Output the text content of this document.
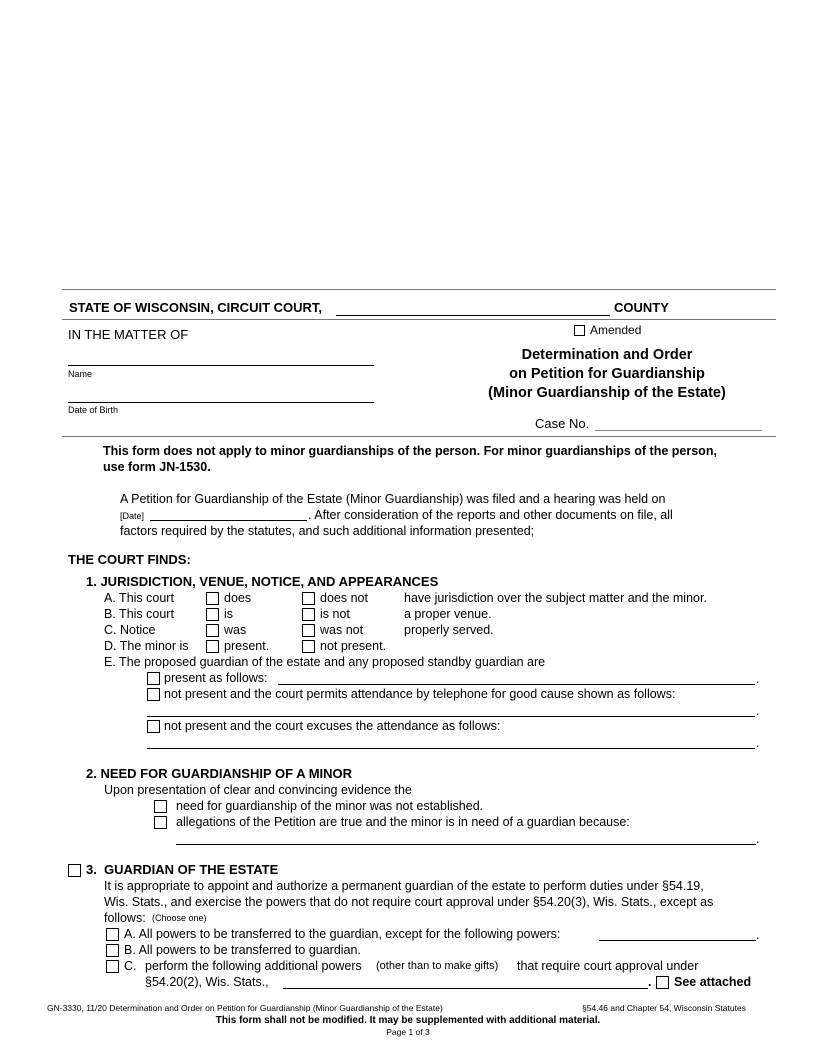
STATE OF WISCONSIN, CIRCUIT COURT,	COUNTY
IN THE MATTER OF	Amended
Name
Date of Birth
Determination and Order
on Petition for Guardianship
(Minor Guardianship of the Estate)
Case No.
This form does not apply to minor guardianships of the person. For minor guardianships of the person,
use form JN-1530.
A Petition for Guardianship of the Estate (Minor Guardianship) was filed and a hearing was held on
[Date]	. After consideration of the reports and other documents on file, all
factors required by the statutes, and such additional information presented;
THE COURT FINDS:
1. JURISDICTION, VENUE, NOTICE, AND APPEARANCES
A. This court	does	does not	have jurisdiction over the subject matter and the minor.
B. This court	is	is not	a proper venue.
C. Notice	was	was not	properly served.
D. The minor is	present.	not present.
E. The proposed guardian of the estate and any proposed standby guardian are
present as follows:	.
not present and the court permits attendance by telephone for good cause shown as follows:
.
not present and the court excuses the attendance as follows:
.
2. NEED FOR GUARDIANSHIP OF A MINOR
Upon presentation of clear and convincing evidence the
need for guardianship of the minor was not established.
allegations of the Petition are true and the minor is in need of a guardian because:
.
3. GUARDIAN OF THE ESTATE
It is appropriate to appoint and authorize a permanent guardian of the estate to perform duties under §54.19,
Wis. Stats., and exercise the powers that do not require court approval under §54.20(3), Wis. Stats., except as
follows: (Choose one)
A. All powers to be transferred to the guardian, except for the following powers:	.
B. All powers to be transferred to guardian.
C. perform the following additional powers (other than to make gifts) that require court approval under
§54.20(2), Wis. Stats.,	. See attached
GN-3330, 11/20 Determination and Order on Petition for Guardianship (Minor Guardianship of the Estate)	§54.46 and Chapter 54, Wisconsin Statutes
This form shall not be modified. It may be supplemented with additional material.
Page 1 of 3
